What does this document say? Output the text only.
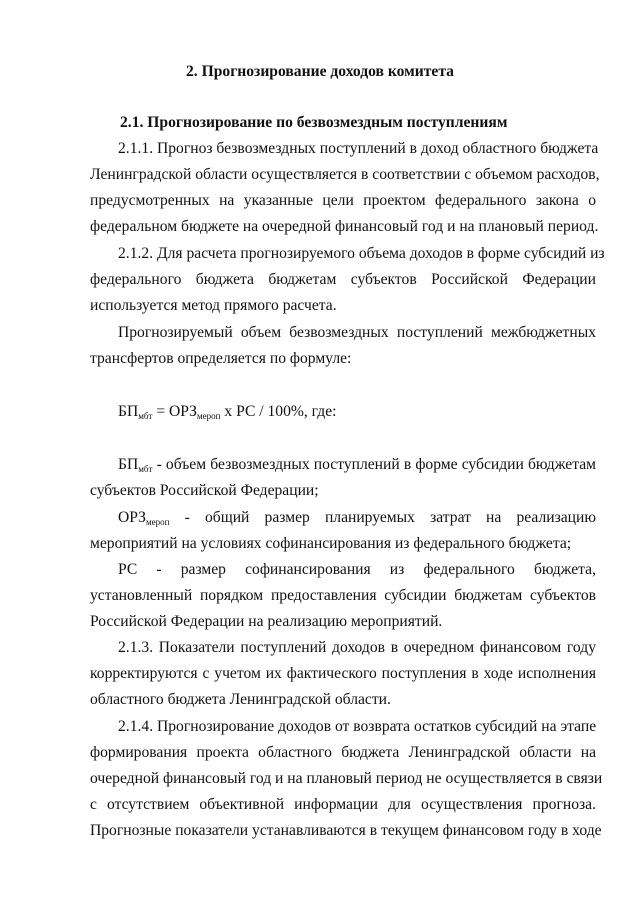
2. Прогнозирование доходов комитета
2.1. Прогнозирование по безвозмездным поступлениям
2.1.1. Прогноз безвозмездных поступлений в доход областного бюджета
Ленинградской области осуществляется в соответствии с объемом расходов,
предусмотренных на указанные цели проектом федерального закона о
федеральном бюджете на очередной финансовый год и на плановый период.
2.1.2. Для расчета прогнозируемого объема доходов в форме субсидий из
федерального бюджета бюджетам субъектов Российской Федерации
используется метод прямого расчета.
Прогнозируемый объем безвозмездных поступлений межбюджетных
трансфертов определяется по формуле:
$БП_{мбт} = ОРЗ_{мероп}$ х РС / 100%, где:
$БП_{мбт}$ - объем безвозмездных поступлений в форме субсидии бюджетам
субъектов Российской Федерации;
$ОРЗ_{мероп}$ - общий размер планируемых затрат на реализацию
мероприятий на условиях софинансирования из федерального бюджета;
РС - размер софинансирования из федерального бюджета,
установленный порядком предоставления субсидии бюджетам субъектов
Российской Федерации на реализацию мероприятий.
2.1.3. Показатели поступлений доходов в очередном финансовом году
корректируются с учетом их фактического поступления в ходе исполнения
областного бюджета Ленинградской области.
2.1.4. Прогнозирование доходов от возврата остатков субсидий на этапе
формирования проекта областного бюджета Ленинградской области на
очередной финансовый год и на плановый период не осуществляется в связи
с отсутствием объективной информации для осуществления прогноза.
Прогнозные показатели устанавливаются в текущем финансовом году в ходе
